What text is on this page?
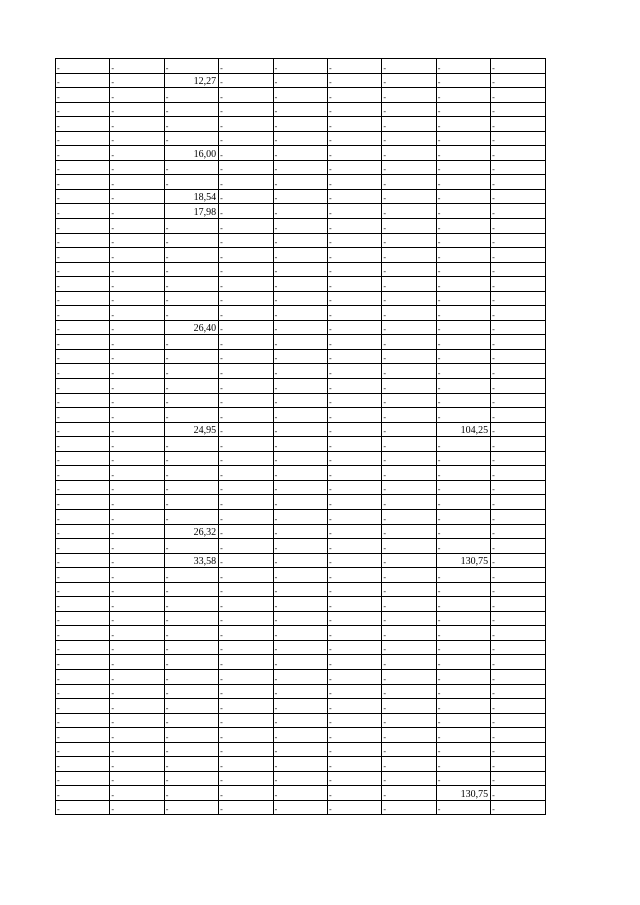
-	-	-	-	-	-	-	-	-
-	-	12,27	-	-	-	-	-	-
-	-	-	-	-	-	-	-	-
-	-	-	-	-	-	-	-	-
-	-	-	-	-	-	-	-	-
-	-	-	-	-	-	-	-	-
-	-	16,00	-	-	-	-	-	-
-	-	-	-	-	-	-	-	-
-	-	-	-	-	-	-	-	-
-	-	18,54	-	-	-	-	-	-
-	-	17,98	-	-	-	-	-	-
-	-	-	-	-	-	-	-	-
-	-	-	-	-	-	-	-	-
-	-	-	-	-	-	-	-	-
-	-	-	-	-	-	-	-	-
-	-	-	-	-	-	-	-	-
-	-	-	-	-	-	-	-	-
-	-	-	-	-	-	-	-	-
-	-	26,40	-	-	-	-	-	-
-	-	-	-	-	-	-	-	-
-	-	-	-	-	-	-	-	-
-	-	-	-	-	-	-	-	-
-	-	-	-	-	-	-	-	-
-	-	-	-	-	-	-	-	-
-	-	-	-	-	-	-	-	-
-	-	24,95	-	-	-	-	104,25	-
-	-	-	-	-	-	-	-	-
-	-	-	-	-	-	-	-	-
-	-	-	-	-	-	-	-	-
-	-	-	-	-	-	-	-	-
-	-	-	-	-	-	-	-	-
-	-	-	-	-	-	-	-	-
-	-	26,32	-	-	-	-	-	-
-	-	-	-	-	-	-	-	-
-	-	33,58	-	-	-	-	130,75	-
-	-	-	-	-	-	-	-	-
-	-	-	-	-	-	-	-	-
-	-	-	-	-	-	-	-	-
-	-	-	-	-	-	-	-	-
-	-	-	-	-	-	-	-	-
-	-	-	-	-	-	-	-	-
-	-	-	-	-	-	-	-	-
-	-	-	-	-	-	-	-	-
-	-	-	-	-	-	-	-	-
-	-	-	-	-	-	-	-	-
-	-	-	-	-	-	-	-	-
-	-	-	-	-	-	-	-	-
-	-	-	-	-	-	-	-	-
-	-	-	-	-	-	-	-	-
-	-	-	-	-	-	-	-	-
-	-	-	-	-	-	-	130,75	-
-	-	-	-	-	-	-	-	-
